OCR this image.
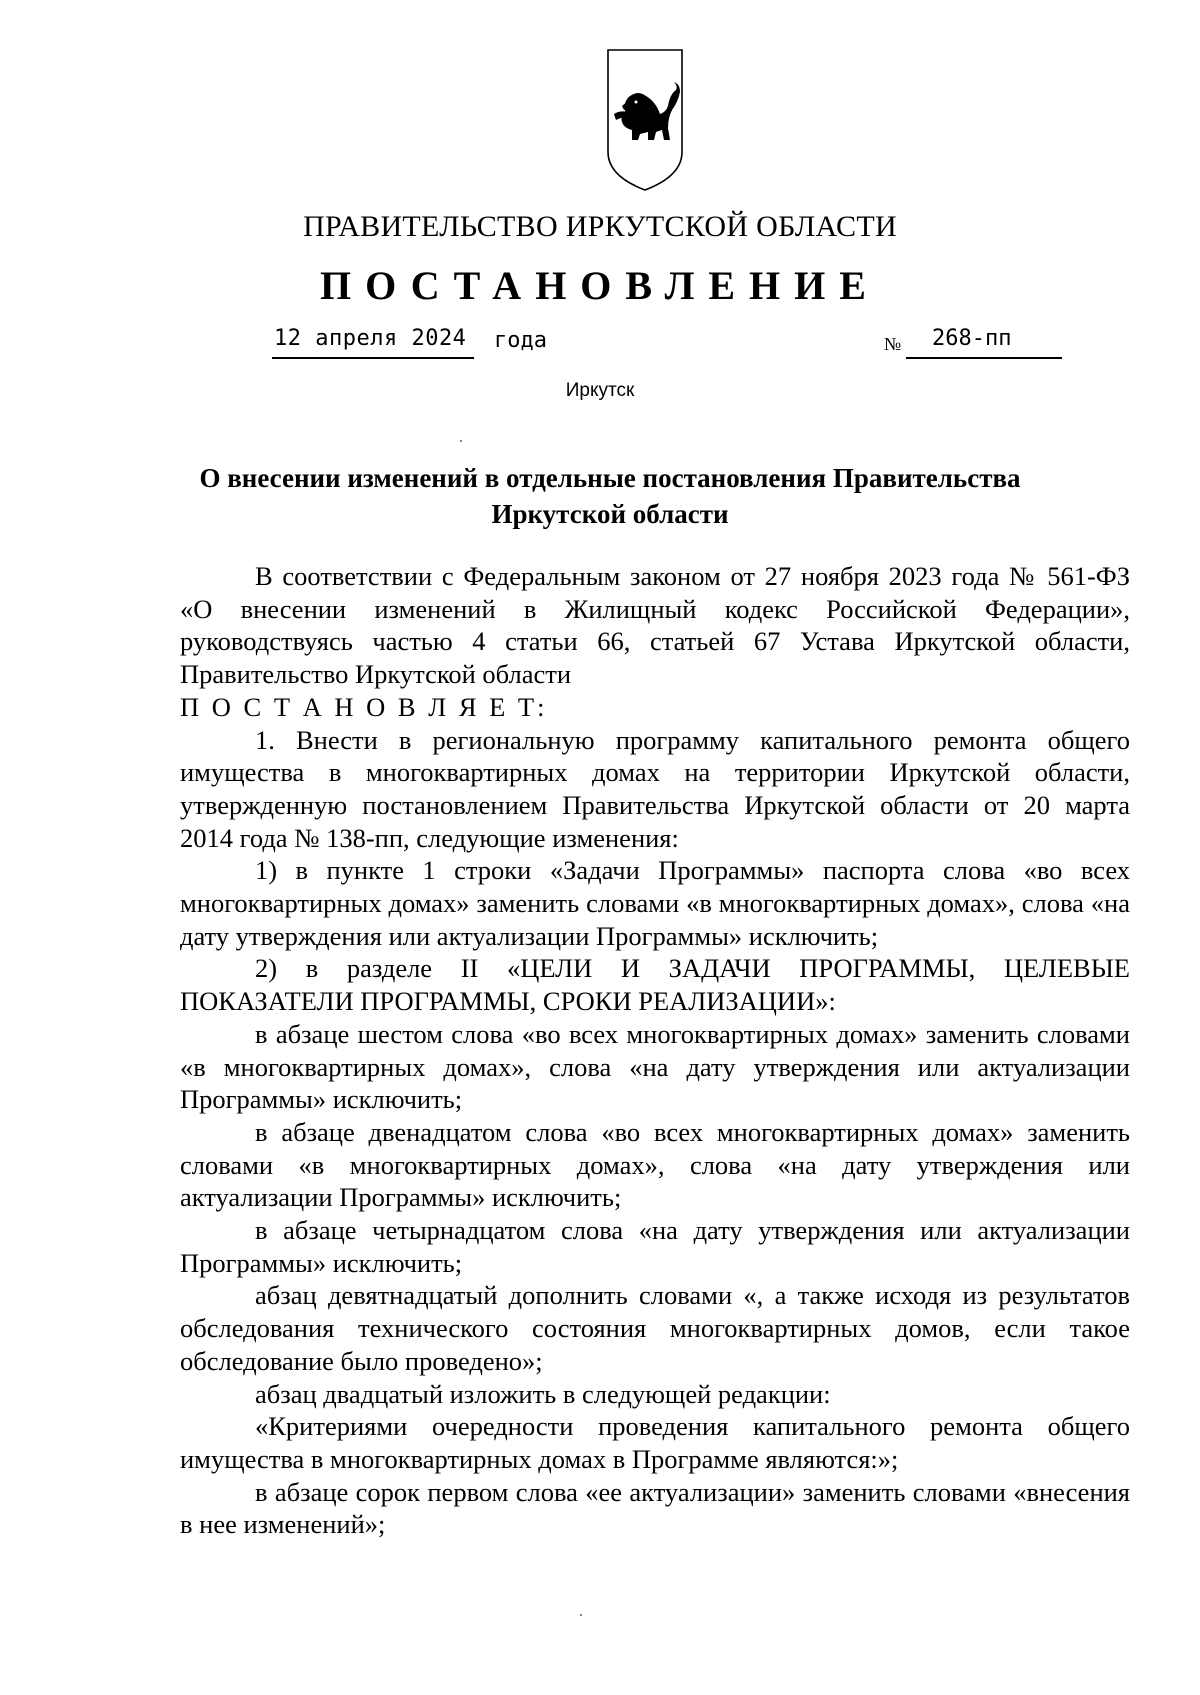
ПРАВИТЕЛЬСТВО ИРКУТСКОЙ ОБЛАСТИ
ПОСТАНОВЛЕНИЕ
12 апреля 2024 года	№ 268-пп
Иркутск
О внесении изменений в отдельные постановления Правительства Иркутской области

В соответствии с Федеральным законом от 27 ноября 2023 года № 561-ФЗ «О внесении изменений в Жилищный кодекс Российской Федерации», руководствуясь частью 4 статьи 66, статьей 67 Устава Иркутской области, Правительство Иркутской области

П О С Т А Н О В Л Я Е Т:

1. Внести в региональную программу капитального ремонта общего имущества в многоквартирных домах на территории Иркутской области, утвержденную постановлением Правительства Иркутской области от 20 марта 2014 года № 138-пп, следующие изменения:

1) в пункте 1 строки «Задачи Программы» паспорта слова «во всех многоквартирных домах» заменить словами «в многоквартирных домах», слова «на дату утверждения или актуализации Программы» исключить;

2) в разделе II «ЦЕЛИ И ЗАДАЧИ ПРОГРАММЫ, ЦЕЛЕВЫЕ ПОКАЗАТЕЛИ ПРОГРАММЫ, СРОКИ РЕАЛИЗАЦИИ»:

в абзаце шестом слова «во всех многоквартирных домах» заменить словами «в многоквартирных домах», слова «на дату утверждения или актуализации Программы» исключить;

в абзаце двенадцатом слова «во всех многоквартирных домах» заменить словами «в многоквартирных домах», слова «на дату утверждения или актуализации Программы» исключить;

в абзаце четырнадцатом слова «на дату утверждения или актуализации Программы» исключить;

абзац девятнадцатый дополнить словами «, а также исходя из результатов обследования технического состояния многоквартирных домов, если такое обследование было проведено»;

абзац двадцатый изложить в следующей редакции:

«Критериями очередности проведения капитального ремонта общего имущества в многоквартирных домах в Программе являются:»;

в абзаце сорок первом слова «ее актуализации» заменить словами «внесения в нее изменений»;
